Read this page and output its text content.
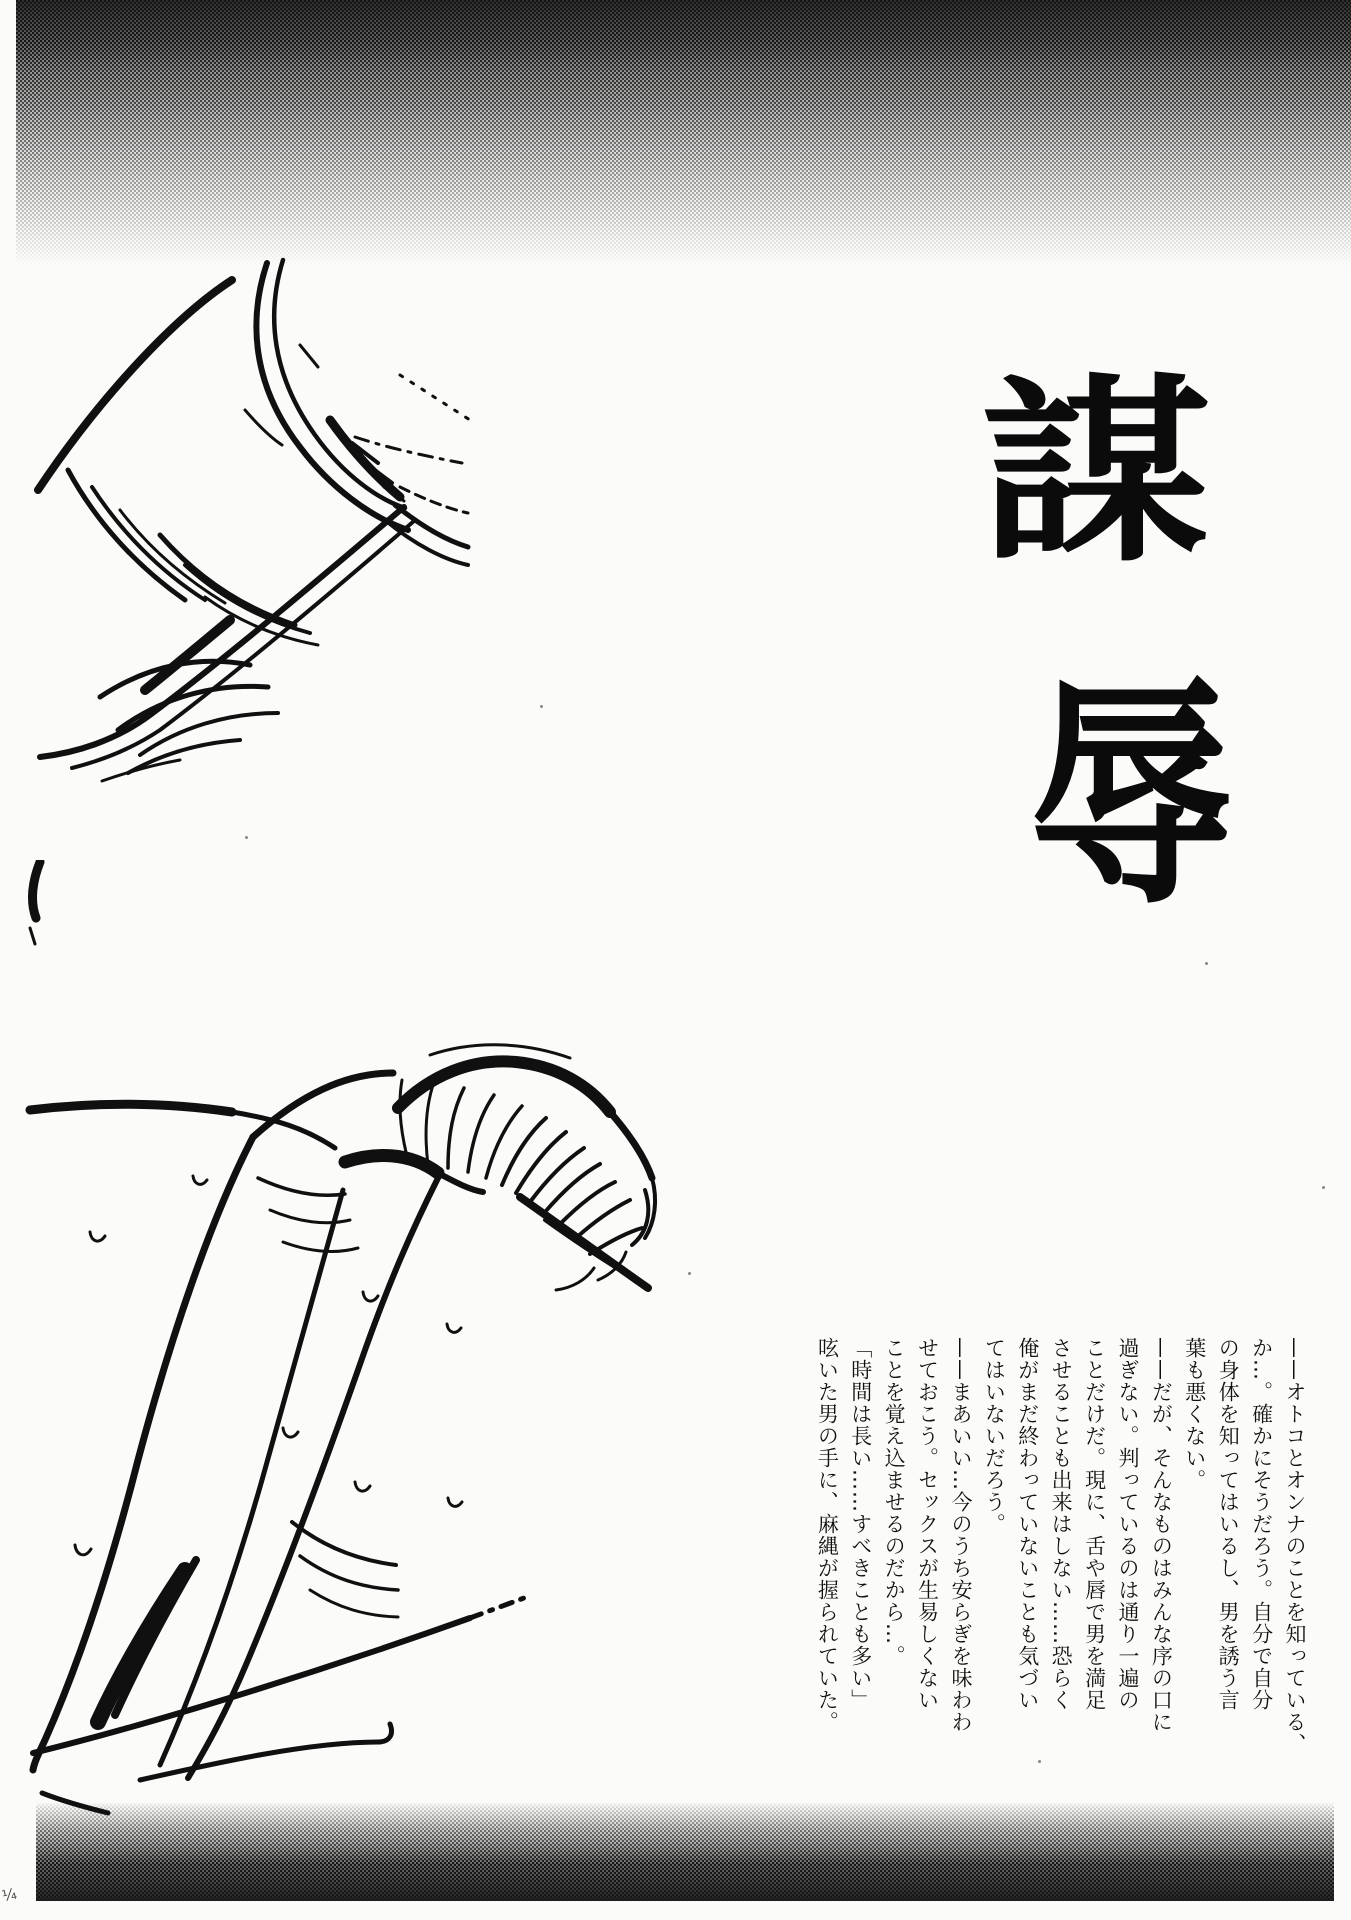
謀
辱

——オトコとオンナのことを知っている、

か…。確かにそうだろう。自分で自分

の身体を知ってはいるし、男を誘う言

葉も悪くない。

——だが、そんなものはみんな序の口に

過ぎない。判っているのは通り一遍の

ことだけだ。現に、舌や唇で男を満足

させることも出来はしない……恐らく

俺がまだ終わっていないことも気づい

てはいないだろう。

——まあいい…今のうち安らぎを味わわ

せておこう。セックスが生易しくない

ことを覚え込ませるのだから…。

「時間は長い……すべきことも多い」

呟いた男の手に、麻縄が握られていた。

¼
